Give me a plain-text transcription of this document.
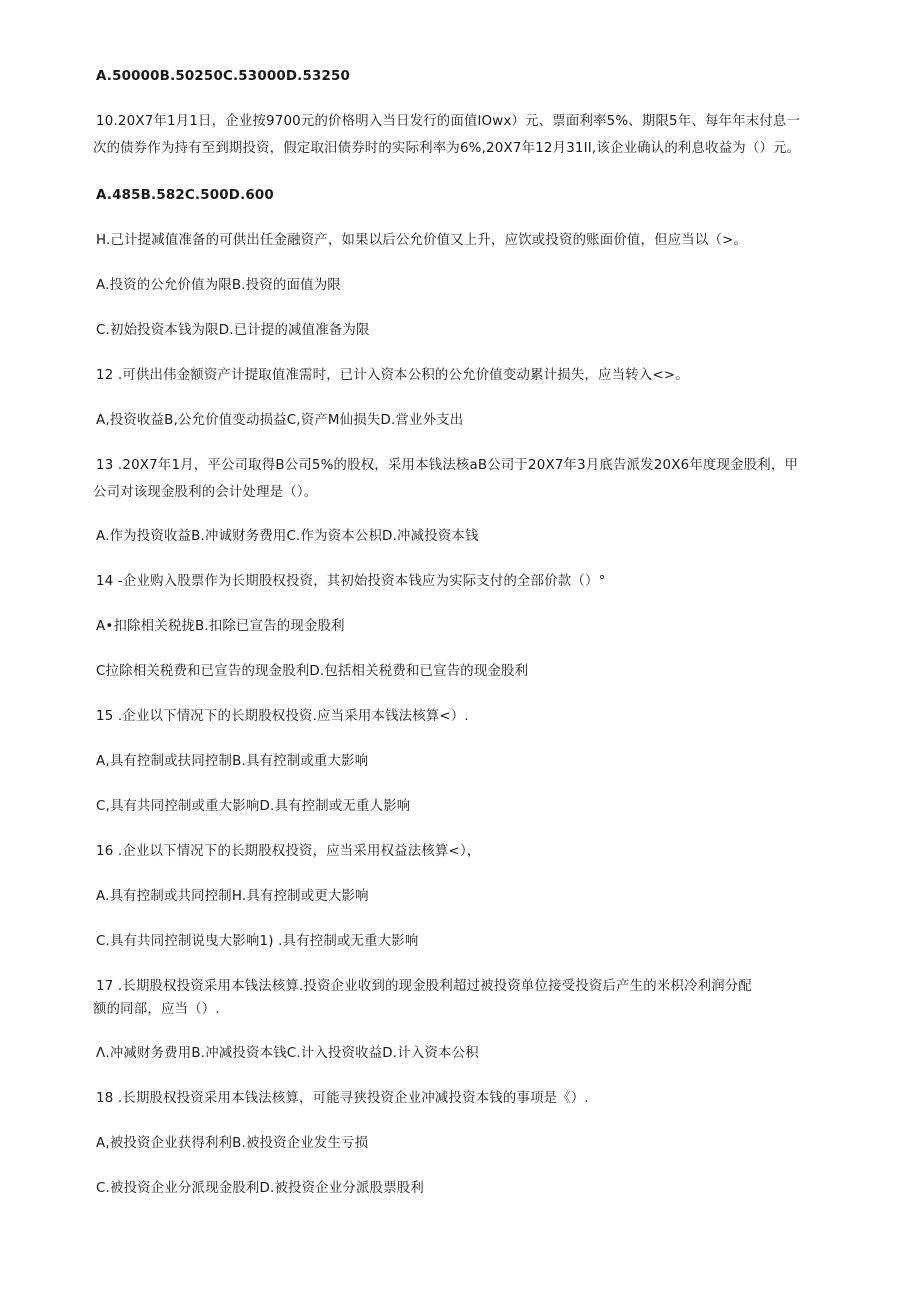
A.50000B.50250C.53000D.53250
10.20X7年1月1日，企业按9700元的价格明入当日发行的面值lOwx）元、票面利率5%、期限5年、每年年末付息一
次的债券作为持有至到期投资，假定取汨债券时的实际利率为6%,20X7年12月31II,该企业确认的利息收益为（）元。
A.485B.582C.500D.600
H.己计提减值准备的可供出任金融资产，如果以后公允价值又上升，应饮或投资的账面价值，但应当以（>。
A.投资的公允价值为限B.投资的面值为限
C.初始投资本钱为限D.已计提的减值准备为限
12 .可供出伟金额资产计提取值准需时，已计入资本公积的公允价值变动累计损失，应当转入<>。
A,投资收益B,公允价值变动损益C,资产M仙损失D.営业外支出
13 .20X7年1月，平公司取得B公司5%的股权，采用本钱法核aB公司于20X7年3月底告派发20X6年度现金股利，甲
公司对该现金股利的会计处理是（）。
A.作为投资收益B.冲诚财务费用C.作为资本公枳D.冲减投资本钱
14 -企业购入股票作为长期股权投资，其初始投资本钱应为实际支付的全部价款（）°
A•扣除相关税拢B.扣除已宣告的现金股利
C拉除相关税费和已宣告的现金股利D.包括相关税费和已宣告的现金股利
15 .企业以下情况下的长期股权投资.应当采用本钱法核算<）.
A,具有控制或扶同控制B.具有控制或重大影响
C,具有共同控制或重大影响D.具有控制或无重人影响
16 .企业以下情况下的长期股权投资，应当采用权益法核算<），
A.具有控制或共同控制H.具有控制或更大影响
C.具有共同控制说曳大影响1) .具有控制或无重大影响
17 .长期股权投资采用本钱法核算.投资企业收到的现金股利超过被投资单位接受投资后产生的米枳冷利润分配
额的同部，应当（）.
Λ.冲减财务费用B.冲减投资本钱C.计入投资收益D.计入资本公积
18 .长期股权投资采用本钱法核算，可能寻狭投资企业冲减投资本钱的事项是《）.
A,被投资企业获得利利B.被投资企业发生亏损
C.被投资企业分派现金股利D.被投资企业分派股票股利
